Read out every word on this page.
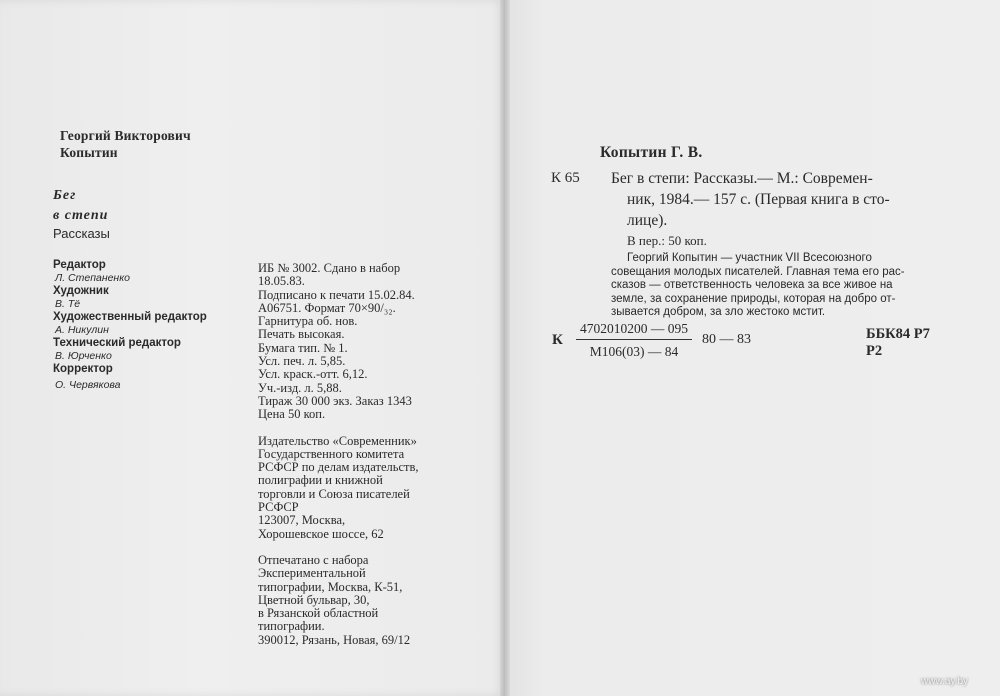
Георгий Викторович
Копытин
Бег
в степи
Рассказы
Редактор
Л. Степаненко
Художник
В. Тё
Художественный редактор
А. Никулин
Технический редактор
В. Юрченко
Корректор
О. Червякова
ИБ № 3002. Сдано в набор
18.05.83.
Подписано к печати 15.02.84.
А06751. Формат 70×90/₃₂.
Гарнитура об. нов.
Печать высокая.
Бумага тип. № 1.
Усл. печ. л. 5,85.
Усл. краск.-отт. 6,12.
Уч.-изд. л. 5,88.
Тираж 30 000 экз. Заказ 1343
Цена 50 коп.
Издательство «Современник»
Государственного комитета
РСФСР по делам издательств,
полиграфии и книжной
торговли и Союза писателей
РСФСР
123007, Москва,
Хорошевское шоссе, 62
Отпечатано с набора
Экспериментальной
типографии, Москва, К-51,
Цветной бульвар, 30,
в Рязанской областной
типографии.
390012, Рязань, Новая, 69/12
Копытин Г. В.
К 65 Бег в степи: Рассказы.— М.: Современ-
ник, 1984.— 157 с. (Первая книга в сто-
лице).
В пер.: 50 коп.
Георгий Копытин — участник VII Всесоюзного
совещания молодых писателей. Главная тема его рас-
сказов — ответственность человека за все живое на
земле, за сохранение природы, которая на добро от-
зывается добром, за зло жестоко мстит.
К
4702010200 — 095
М106(03) — 84
80 — 83	ББК84 Р7
Р2
www.ay.by
